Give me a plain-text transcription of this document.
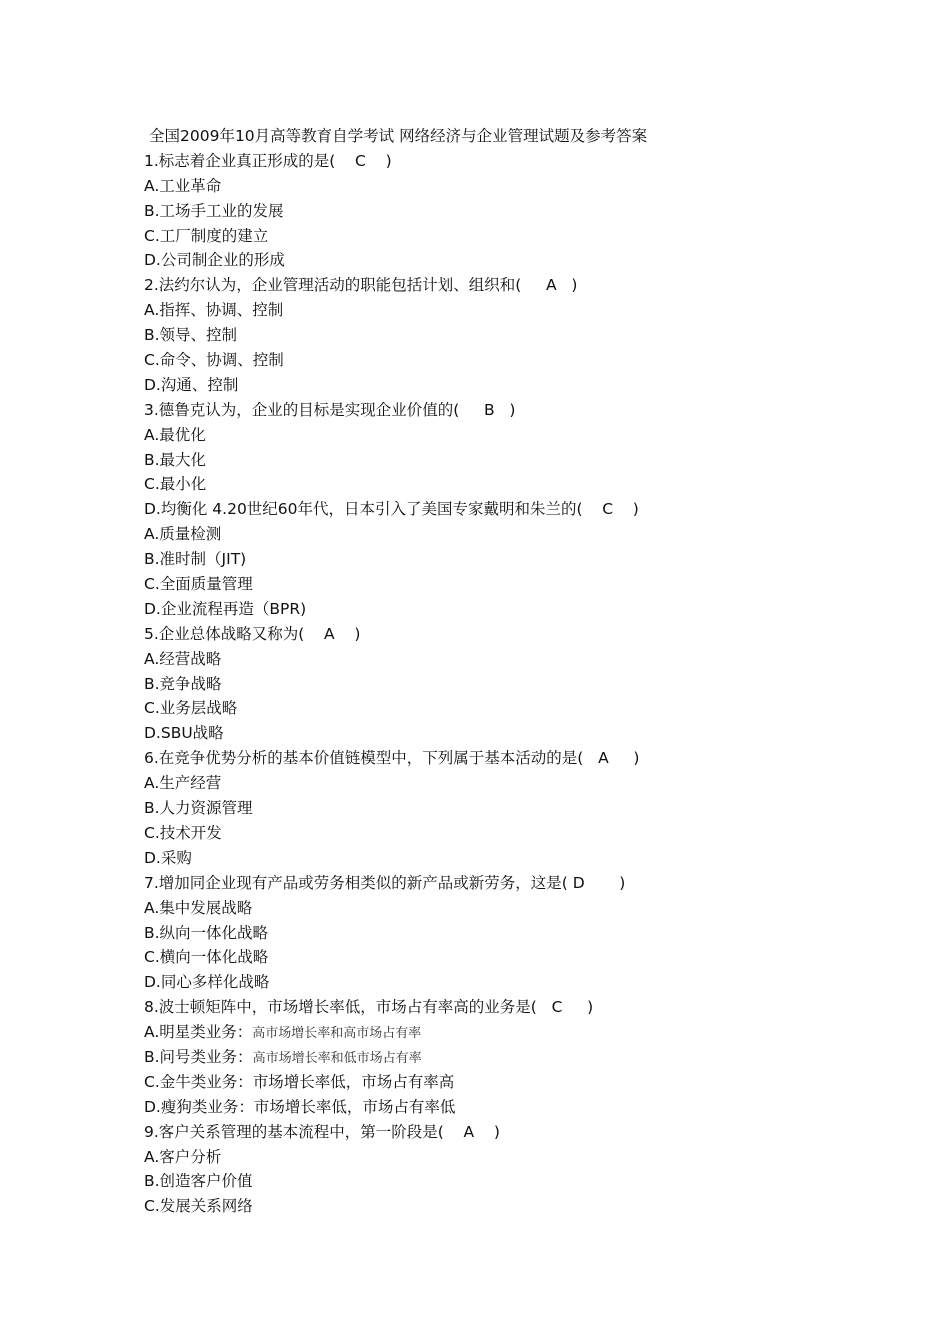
全国2009年10月高等教育自学考试 网络经济与企业管理试题及参考答案
1.标志着企业真正形成的是(    C    )
A.工业革命
B.工场手工业的发展
C.工厂制度的建立
D.公司制企业的形成
2.法约尔认为，企业管理活动的职能包括计划、组织和(     A   )
A.指挥、协调、控制
B.领导、控制
C.命令、协调、控制
D.沟通、控制
3.德鲁克认为，企业的目标是实现企业价值的(     B   )
A.最优化
B.最大化
C.最小化
D.均衡化 4.20世纪60年代，日本引入了美国专家戴明和朱兰的(    C    )
A.质量检测
B.准时制（JIT)
C.全面质量管理
D.企业流程再造（BPR)
5.企业总体战略又称为(    A    )
A.经营战略
B.竞争战略
C.业务层战略
D.SBU战略
6.在竞争优势分析的基本价值链模型中，下列属于基本活动的是(   A     )
A.生产经营
B.人力资源管理
C.技术开发
D.采购
7.增加同企业现有产品或劳务相类似的新产品或新劳务，这是( D       )
A.集中发展战略
B.纵向一体化战略
C.横向一体化战略
D.同心多样化战略
8.波士顿矩阵中，市场增长率低，市场占有率高的业务是(   C     )
A.明星类业务：高市场增长率和高市场占有率
B.问号类业务：高市场增长率和低市场占有率
C.金牛类业务：市场增长率低，市场占有率高
D.瘦狗类业务：市场增长率低，市场占有率低
9.客户关系管理的基本流程中，第一阶段是(    A    )
A.客户分析
B.创造客户价值
C.发展关系网络
